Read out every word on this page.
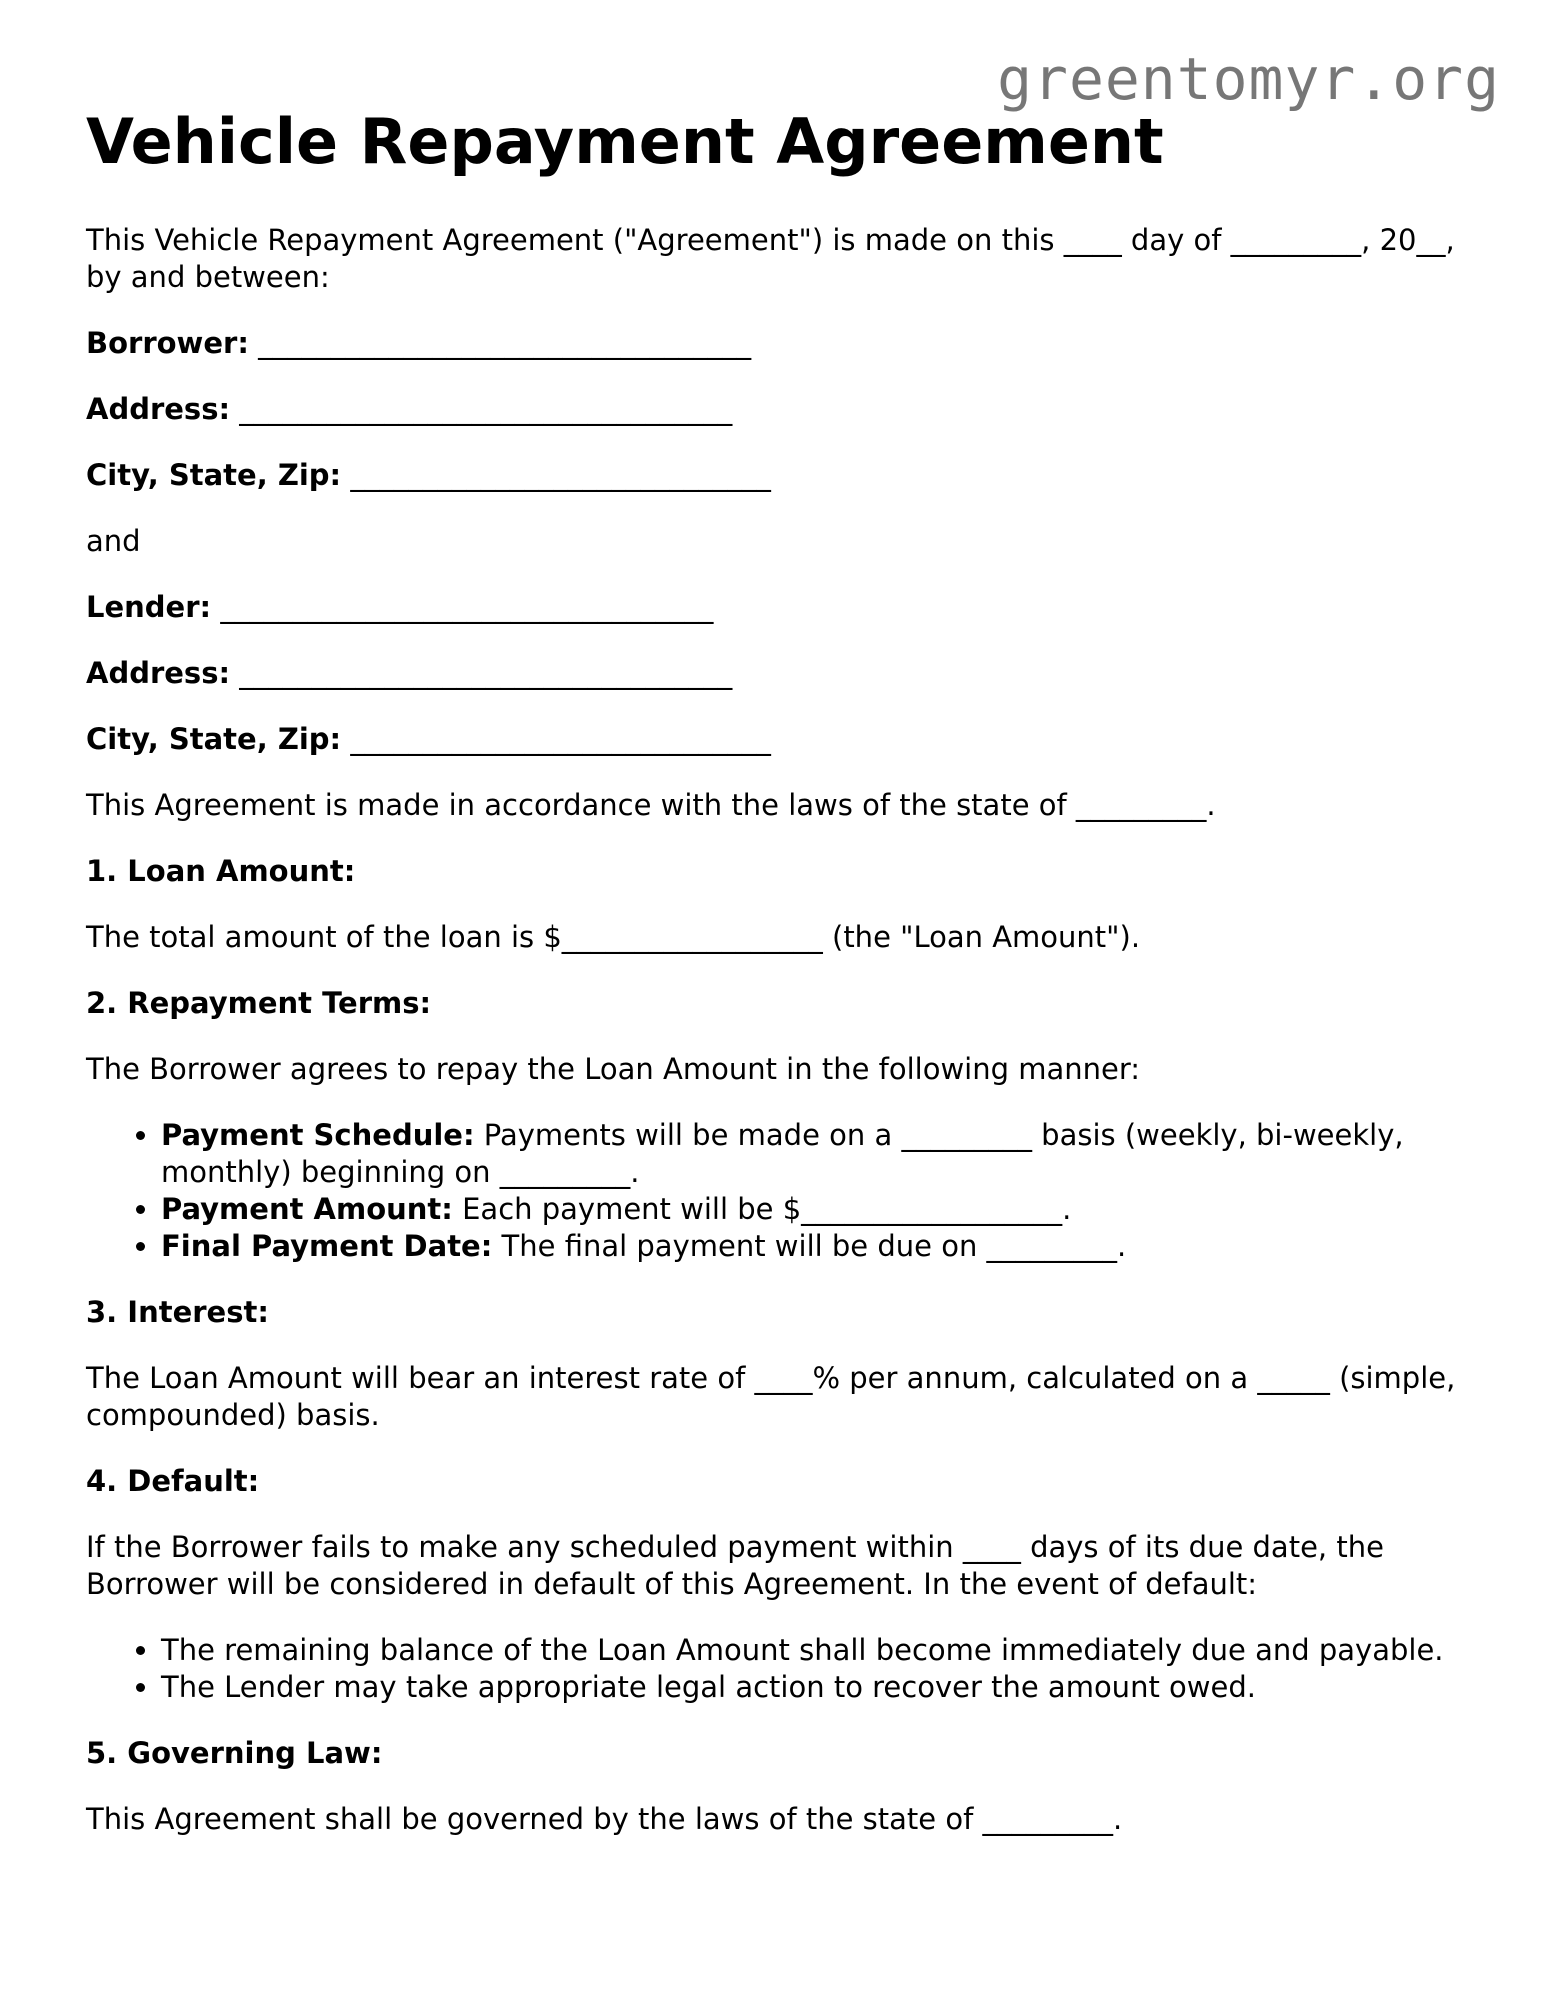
greentomyr.org
Vehicle Repayment Agreement

This Vehicle Repayment Agreement ("Agreement") is made on this ____ day of _________, 20__, by and between:

Borrower: __________________________________
Address: __________________________________
City, State, Zip: _____________________________

and

Lender: __________________________________
Address: __________________________________
City, State, Zip: _____________________________

This Agreement is made in accordance with the laws of the state of _________.

1. Loan Amount:

The total amount of the loan is $__________________ (the "Loan Amount").

2. Repayment Terms:

The Borrower agrees to repay the Loan Amount in the following manner:

• Payment Schedule: Payments will be made on a _________ basis (weekly, bi-weekly, monthly) beginning on _________.
• Payment Amount: Each payment will be $__________________.
• Final Payment Date: The final payment will be due on _________.
3. Interest:

The Loan Amount will bear an interest rate of ____% per annum, calculated on a _____ (simple, compounded) basis.

4. Default:

If the Borrower fails to make any scheduled payment within ____ days of its due date, the Borrower will be considered in default of this Agreement. In the event of default:

• The remaining balance of the Loan Amount shall become immediately due and payable.
• The Lender may take appropriate legal action to recover the amount owed.
5. Governing Law:

This Agreement shall be governed by the laws of the state of _________.
